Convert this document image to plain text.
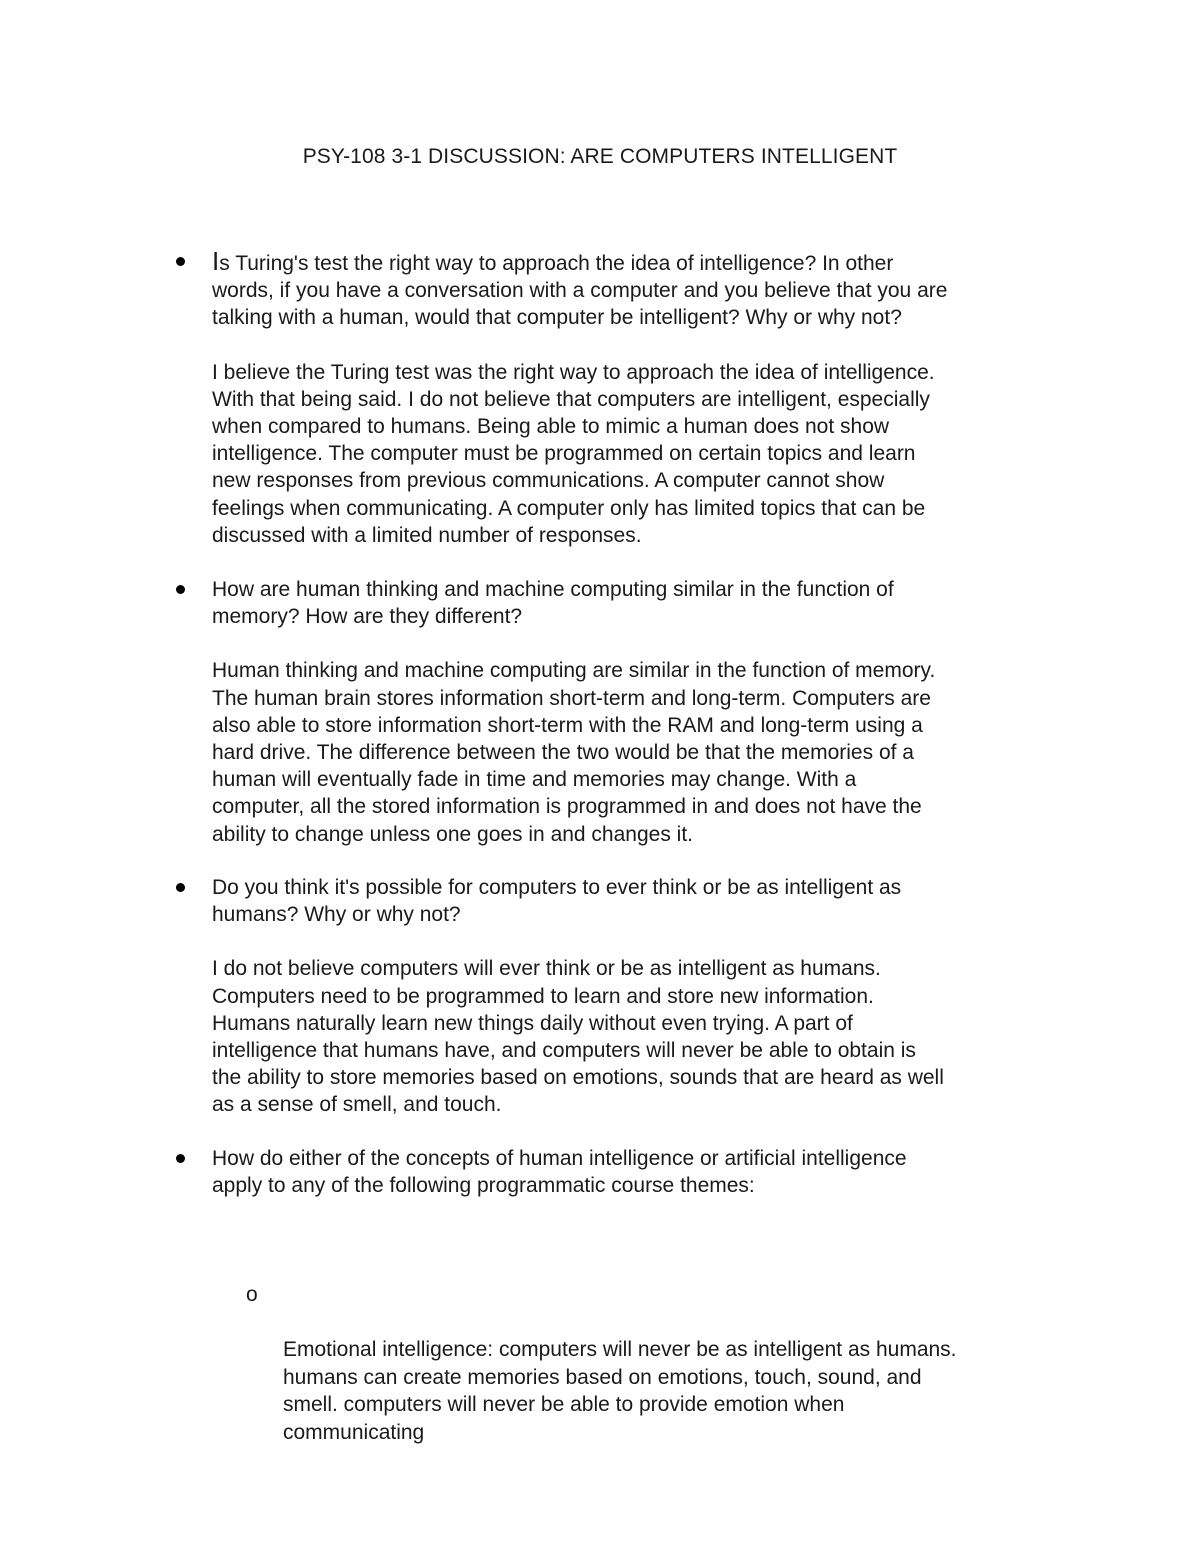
PSY-108 3-1 DISCUSSION: ARE COMPUTERS INTELLIGENT

Is Turing's test the right way to approach the idea of intelligence? In other
words, if you have a conversation with a computer and you believe that you are
talking with a human, would that computer be intelligent? Why or why not?

I believe the Turing test was the right way to approach the idea of intelligence.
With that being said. I do not believe that computers are intelligent, especially
when compared to humans. Being able to mimic a human does not show
intelligence. The computer must be programmed on certain topics and learn
new responses from previous communications. A computer cannot show
feelings when communicating. A computer only has limited topics that can be
discussed with a limited number of responses.

How are human thinking and machine computing similar in the function of
memory? How are they different?

Human thinking and machine computing are similar in the function of memory.
The human brain stores information short-term and long-term. Computers are
also able to store information short-term with the RAM and long-term using a
hard drive. The difference between the two would be that the memories of a
human will eventually fade in time and memories may change. With a
computer, all the stored information is programmed in and does not have the
ability to change unless one goes in and changes it.

Do you think it's possible for computers to ever think or be as intelligent as
humans? Why or why not?

I do not believe computers will ever think or be as intelligent as humans.
Computers need to be programmed to learn and store new information.
Humans naturally learn new things daily without even trying. A part of
intelligence that humans have, and computers will never be able to obtain is
the ability to store memories based on emotions, sounds that are heard as well
as a sense of smell, and touch.

How do either of the concepts of human intelligence or artificial intelligence
apply to any of the following programmatic course themes:

o

Emotional intelligence: computers will never be as intelligent as humans.
humans can create memories based on emotions, touch, sound, and
smell. computers will never be able to provide emotion when
communicating
